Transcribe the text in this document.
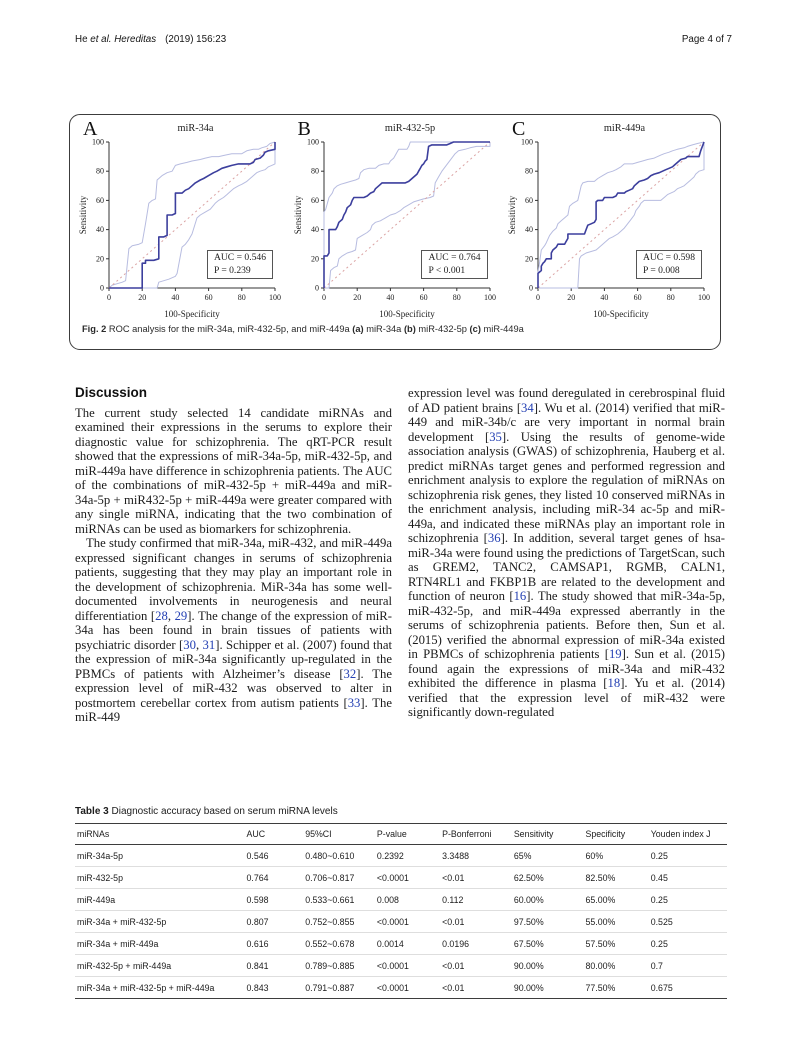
He et al. Hereditas (2019) 156:23	Page 4 of 7
A	miR-34a
0	20	40	60	80	100
0
20
40
60
80
100
100-Specificity
Sensitivity
AUC = 0.546
P = 0.239
B	miR-432-5p
0	20	40	60	80	100
0
20
40
60
80
100
100-Specificity
Sensitivity
AUC = 0.764
P < 0.001
C	miR-449a
0	20	40	60	80	100
0
20
40
60
80
100
100-Specificity
Sensitivity
AUC = 0.598
P = 0.008
Fig. 2 ROC analysis for the miR-34a, miR-432-5p, and miR-449a (a) miR-34a (b) miR-432-5p (c) miR-449a
Discussion

The current study selected 14 candidate miRNAs and examined their expressions in the serums to explore their diagnostic value for schizophrenia. The qRT-PCR result showed that the expressions of miR-34a-5p, miR-432-5p, and miR-449a have difference in schizophrenia patients. The AUC of the combinations of miR-432-5p + miR-449a and miR-34a-5p + miR432-5p + miR-449a were greater compared with any single miRNA, indicating that the two combination of miRNAs can be used as biomarkers for schizophrenia.

The study confirmed that miR-34a, miR-432, and miR-449a expressed significant changes in serums of schizophrenia patients, suggesting that they may play an important role in the development of schizophrenia. MiR-34a has some well-documented involvements in neurogenesis and neural differentiation [28, 29]. The change of the expression of miR-34a has been found in brain tissues of patients with psychiatric disorder [30, 31]. Schipper et al. (2007) found that the expression of miR-34a significantly up-regulated in the PBMCs of patients with Alzheimer’s disease [32]. The expression level of miR-432 was observed to alter in postmortem cerebellar cortex from autism patients [33]. The miR-449

expression level was found deregulated in cerebrospinal fluid of AD patient brains [34]. Wu et al. (2014) verified that miR-449 and miR-34b/c are very important in normal brain development [35]. Using the results of genome-wide association analysis (GWAS) of schizophrenia, Hauberg et al. predict miRNAs target genes and performed regression and enrichment analysis to explore the regulation of miRNAs on schizophrenia risk genes, they listed 10 conserved miRNAs in the enrichment analysis, including miR-34 ac-5p and miR-449a, and indicated these miRNAs play an important role in schizophrenia [36]. In addition, several target genes of hsa-miR-34a were found using the predictions of TargetScan, such as GREM2, TANC2, CAMSAP1, RGMB, CALN1, RTN4RL1 and FKBP1B are related to the development and function of neuron [16]. The study showed that miR-34a-5p, miR-432-5p, and miR-449a expressed aberrantly in the serums of schizophrenia patients. Before then, Sun et al. (2015) verified the abnormal expression of miR-34a existed in PBMCs of schizophrenia patients [19]. Sun et al. (2015) found again the expressions of miR-34a and miR-432 exhibited the difference in plasma [18]. Yu et al. (2014) verified that the expression level of miR-432 were significantly down-regulated

Table 3 Diagnostic accuracy based on serum miRNA levels
miRNAs	AUC	95%CI	P-value	P-Bonferroni	Sensitivity	Specificity	Youden index J
miR-34a-5p	0.546	0.480~0.610	0.2392	3.3488	65%	60%	0.25
miR-432-5p	0.764	0.706~0.817	<0.0001	<0.01	62.50%	82.50%	0.45
miR-449a	0.598	0.533~0.661	0.008	0.112	60.00%	65.00%	0.25
miR-34a + miR-432-5p	0.807	0.752~0.855	<0.0001	<0.01	97.50%	55.00%	0.525
miR-34a + miR-449a	0.616	0.552~0.678	0.0014	0.0196	67.50%	57.50%	0.25
miR-432-5p + miR-449a	0.841	0.789~0.885	<0.0001	<0.01	90.00%	80.00%	0.7
miR-34a + miR-432-5p + miR-449a	0.843	0.791~0.887	<0.0001	<0.01	90.00%	77.50%	0.675
